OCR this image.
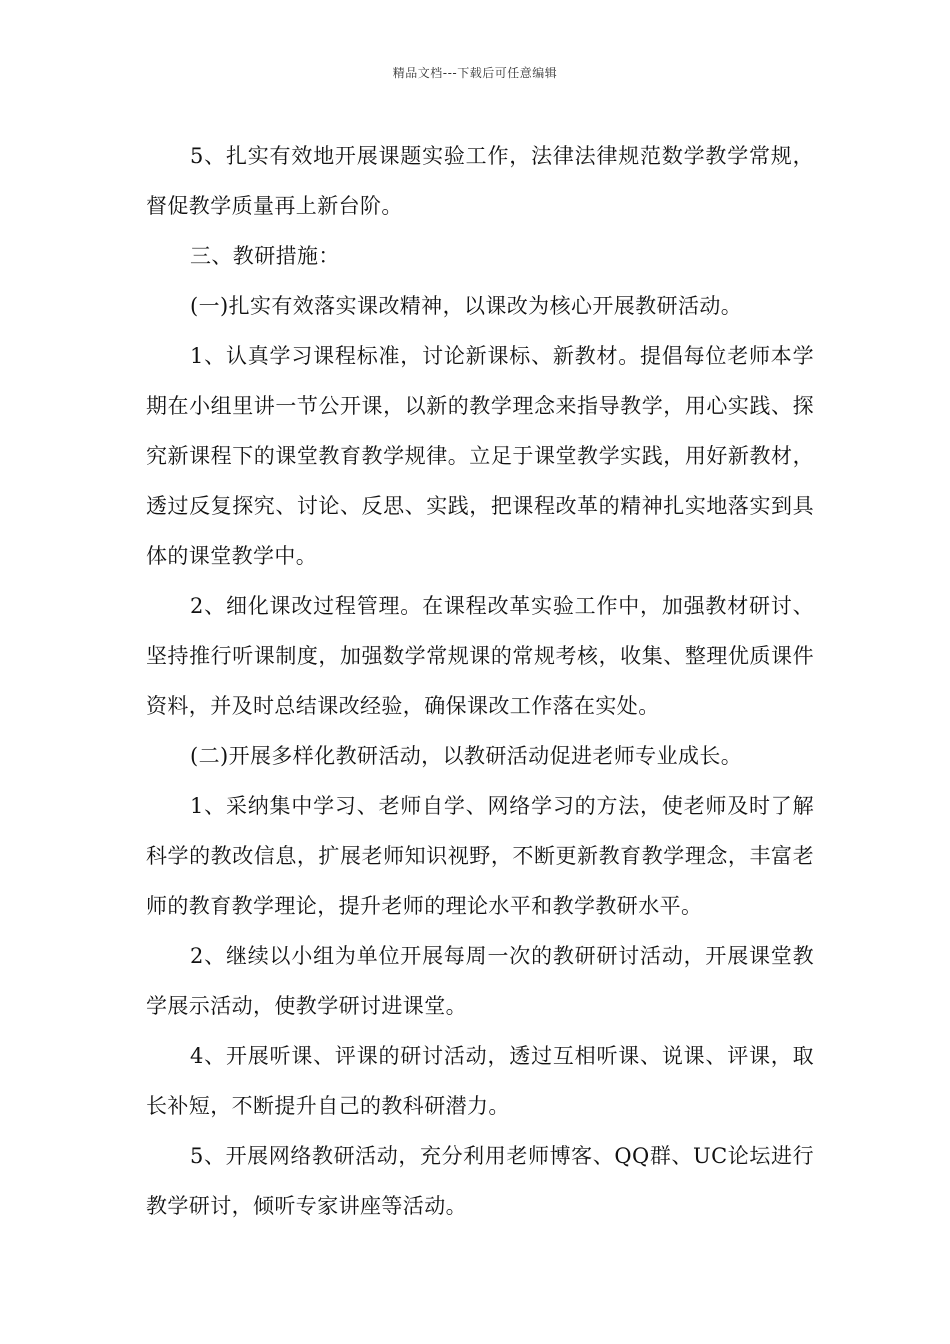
精品文档---下载后可任意编辑

5、扎实有效地开展课题实验工作，法律法律规范数学教学常规，督促教学质量再上新台阶。

三、教研措施：

(一)扎实有效落实课改精神，以课改为核心开展教研活动。

1、认真学习课程标准，讨论新课标、新教材。提倡每位老师本学期在小组里讲一节公开课，以新的教学理念来指导教学，用心实践、探究新课程下的课堂教育教学规律。立足于课堂教学实践，用好新教材，透过反复探究、讨论、反思、实践，把课程改革的精神扎实地落实到具体的课堂教学中。

2、细化课改过程管理。在课程改革实验工作中，加强教材研讨、坚持推行听课制度，加强数学常规课的常规考核，收集、整理优质课件资料，并及时总结课改经验，确保课改工作落在实处。

(二)开展多样化教研活动，以教研活动促进老师专业成长。

1、采纳集中学习、老师自学、网络学习的方法，使老师及时了解科学的教改信息，扩展老师知识视野，不断更新教育教学理念，丰富老师的教育教学理论，提升老师的理论水平和教学教研水平。

2、继续以小组为单位开展每周一次的教研研讨活动，开展课堂教学展示活动，使教学研讨进课堂。

4、开展听课、评课的研讨活动，透过互相听课、说课、评课，取长补短，不断提升自己的教科研潜力。

5、开展网络教研活动，充分利用老师博客、QQ群、UC论坛进行教学研讨，倾听专家讲座等活动。
